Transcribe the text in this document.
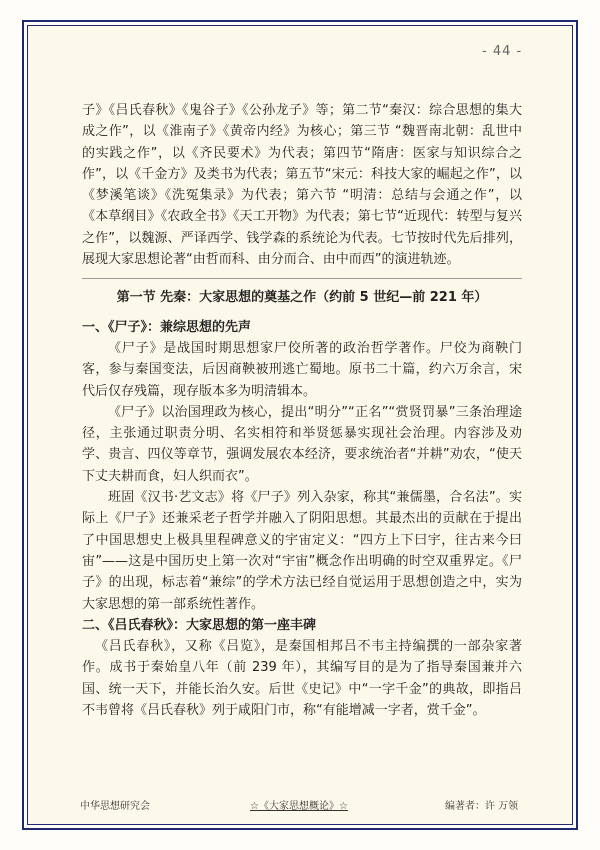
- 44 -

子》《吕氏春秋》《鬼谷子》《公孙龙子》等；第二节“秦汉：综合思想的集大成之作”，以《淮南子》《黄帝内经》为核心；第三节 “魏晋南北朝：乱世中的实践之作”，以《齐民要术》为代表；第四节“隋唐：医家与知识综合之作”，以《千金方》及类书为代表；第五节“宋元：科技大家的崛起之作”，以《梦溪笔谈》《洗冤集录》为代表；第六节 “明清：总结与会通之作”，以《本草纲目》《农政全书》《天工开物》为代表；第七节“近现代：转型与复兴之作”，以魏源、严译西学、钱学森的系统论为代表。七节按时代先后排列，展现大家思想论著“由哲而科、由分而合、由中而西”的演进轨迹。

第一节 先秦：大家思想的奠基之作（约前 5 世纪—前 221 年）

一、《尸子》：兼综思想的先声

《尸子》是战国时期思想家尸佼所著的政治哲学著作。尸佼为商鞅门客，参与秦国变法，后因商鞅被刑逃亡蜀地。原书二十篇，约六万余言，宋代后仅存残篇，现存版本多为明清辑本。

《尸子》以治国理政为核心，提出“明分”“正名”“赏贤罚暴”三条治理途径，主张通过职责分明、名实相符和举贤惩暴实现社会治理。内容涉及劝学、贵言、四仪等章节，强调发展农本经济，要求统治者“并耕”劝农，“使天下丈夫耕而食，妇人织而衣”。

班固《汉书·艺文志》将《尸子》列入杂家，称其“兼儒墨，合名法”。实际上《尸子》还兼采老子哲学并融入了阴阳思想。其最杰出的贡献在于提出了中国思想史上极具里程碑意义的宇宙定义：“四方上下曰宇，往古来今曰宙”——这是中国历史上第一次对“宇宙”概念作出明确的时空双重界定。《尸子》的出现，标志着“兼综”的学术方法已经自觉运用于思想创造之中，实为大家思想的第一部系统性著作。

二、《吕氏春秋》：大家思想的第一座丰碑

《吕氏春秋》，又称《吕览》，是秦国相邦吕不韦主持编撰的一部杂家著作。成书于秦始皇八年（前 239 年），其编写目的是为了指导秦国兼并六国、统一天下，并能长治久安。后世《史记》中“一字千金”的典故，即指吕不韦曾将《吕氏春秋》列于咸阳门市，称“有能增减一字者，赏千金”。

中华思想研究会	☆《大家思想概论》☆	编著者：许 万领
